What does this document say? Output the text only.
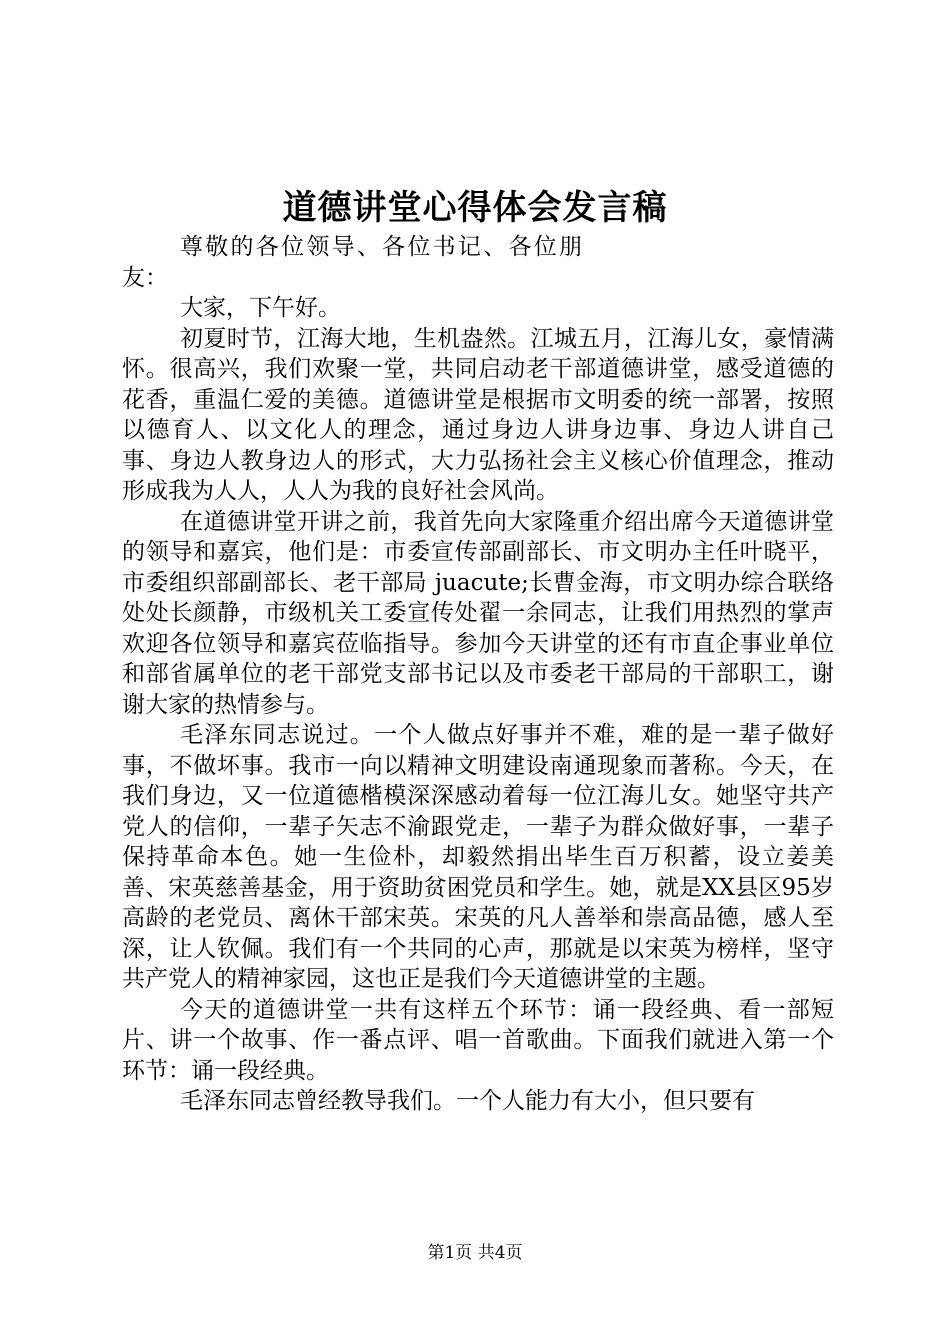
道德讲堂心得体会发言稿

尊敬的各位领导、各位书记、各位朋友：

大家，下午好。

初夏时节，江海大地，生机盎然。江城五月，江海儿女，豪情满怀。很高兴，我们欢聚一堂，共同启动老干部道德讲堂，感受道德的花香，重温仁爱的美德。道德讲堂是根据市文明委的统一部署，按照以德育人、以文化人的理念，通过身边人讲身边事、身边人讲自己事、身边人教身边人的形式，大力弘扬社会主义核心价值理念，推动形成我为人人，人人为我的良好社会风尚。

在道德讲堂开讲之前，我首先向大家隆重介绍出席今天道德讲堂的领导和嘉宾，他们是：市委宣传部副部长、市文明办主任叶晓平，市委组织部副部长、老干部局 juacute;长曹金海，市文明办综合联络处处长颜静，市级机关工委宣传处翟一余同志，让我们用热烈的掌声欢迎各位领导和嘉宾莅临指导。参加今天讲堂的还有市直企事业单位和部省属单位的老干部党支部书记以及市委老干部局的干部职工，谢谢大家的热情参与。

毛泽东同志说过。一个人做点好事并不难，难的是一辈子做好事，不做坏事。我市一向以精神文明建设南通现象而著称。今天，在我们身边，又一位道德楷模深深感动着每一位江海儿女。她坚守共产党人的信仰，一辈子矢志不渝跟党走，一辈子为群众做好事，一辈子保持革命本色。她一生俭朴，却毅然捐出毕生百万积蓄，设立姜美善、宋英慈善基金，用于资助贫困党员和学生。她，就是XX县区95岁高龄的老党员、离休干部宋英。宋英的凡人善举和崇高品德，感人至深，让人钦佩。我们有一个共同的心声，那就是以宋英为榜样，坚守共产党人的精神家园，这也正是我们今天道德讲堂的主题。

今天的道德讲堂一共有这样五个环节：诵一段经典、看一部短片、讲一个故事、作一番点评、唱一首歌曲。下面我们就进入第一个环节：诵一段经典。

毛泽东同志曾经教导我们。一个人能力有大小，但只要有

第1页 共4页
